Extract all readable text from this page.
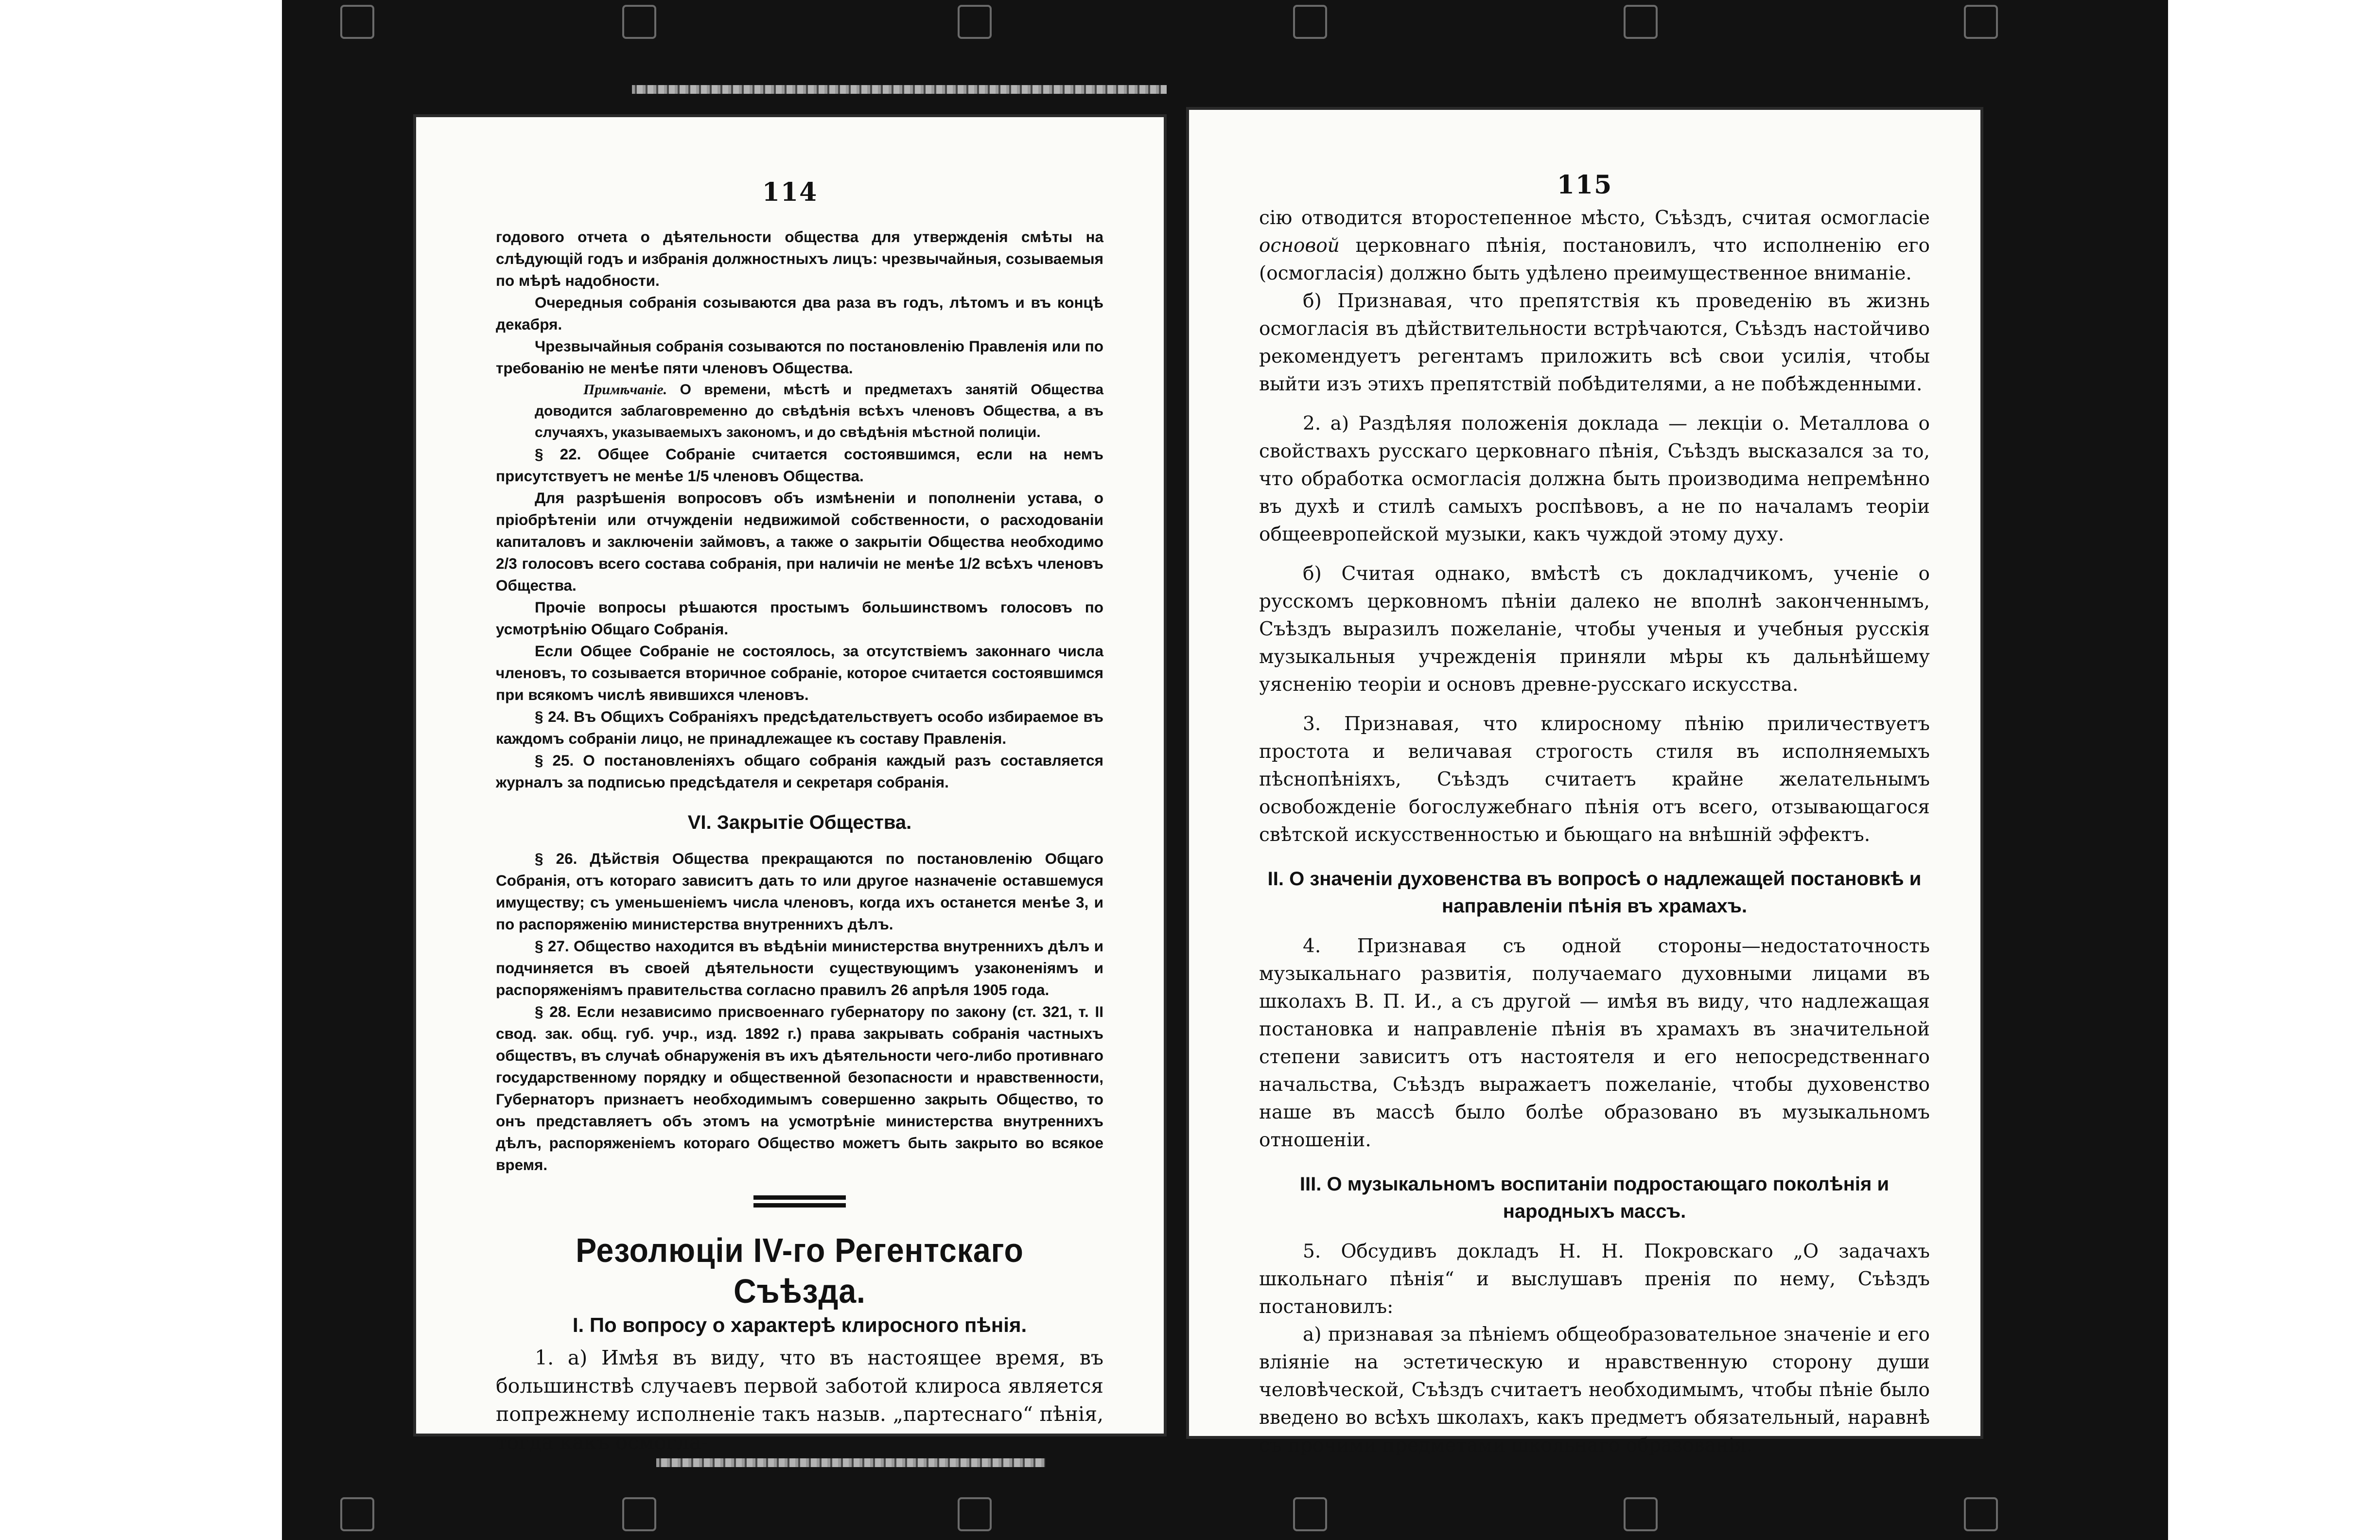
114

годового отчета о дѣятельности общества для утвержденія смѣты на слѣдующій годъ и избранія должностныхъ лицъ: чрезвычайныя, созываемыя по мѣрѣ надобности.

Очередныя собранія созываются два раза въ годъ, лѣтомъ и въ концѣ декабря.

Чрезвычайныя собранія созываются по постановленію Правленія или по требованію не менѣе пяти членовъ Общества.

Примѣчаніе. О времени, мѣстѣ и предметахъ занятій Общества доводится заблаговременно до свѣдѣнія всѣхъ членовъ Общества, а въ случаяхъ, указываемыхъ закономъ, и до свѣдѣнія мѣстной полиціи.

§ 22. Общее Собраніе считается состоявшимся, если на немъ присутствуетъ не менѣе 1/5 членовъ Общества.

Для разрѣшенія вопросовъ объ измѣненіи и пополненіи устава, о пріобрѣтеніи или отчужденіи недвижимой собственности, о расходованіи капиталовъ и заключеніи займовъ, а также о закрытіи Общества необходимо 2/3 голосовъ всего состава собранія, при наличіи не менѣе 1/2 всѣхъ членовъ Общества.

Прочіе вопросы рѣшаются простымъ большинствомъ голосовъ по усмотрѣнію Общаго Собранія.

Если Общее Собраніе не состоялось, за отсутствіемъ законнаго числа членовъ, то созывается вторичное собраніе, которое считается состоявшимся при всякомъ числѣ явившихся членовъ.

§ 24. Въ Общихъ Собраніяхъ предсѣдательствуетъ особо избираемое въ каждомъ собраніи лицо, не принадлежащее къ составу Правленія.

§ 25. О постановленіяхъ общаго собранія каждый разъ составляется журналъ за подписью предсѣдателя и секретаря собранія.

VI. Закрытіе Общества.

§ 26. Дѣйствія Общества прекращаются по постановленію Общаго Собранія, отъ котораго зависитъ дать то или другое назначеніе оставшемуся имуществу; съ уменьшеніемъ числа членовъ, когда ихъ останется менѣе 3, и по распоряженію министерства внутреннихъ дѣлъ.

§ 27. Общество находится въ вѣдѣніи министерства внутреннихъ дѣлъ и подчиняется въ своей дѣятельности существующимъ узаконеніямъ и распоряженіямъ правительства согласно правилъ 26 апрѣля 1905 года.

§ 28. Если независимо присвоеннаго губернатору по закону (ст. 321, т. II свод. зак. общ. губ. учр., изд. 1892 г.) права закрывать собранія частныхъ обществъ, въ случаѣ обнаруженія въ ихъ дѣятельности чего-либо противнаго государственному порядку и общественной безопасности и нравственности, Губернаторъ признаетъ необходимымъ совершенно закрыть Общество, то онъ представляетъ объ этомъ на усмотрѣніе министерства внутреннихъ дѣлъ, распоряженіемъ котораго Общество можетъ быть закрыто во всякое время.

Резолюціи IV-го Регентскаго Съѣзда.
I. По вопросу о характерѣ клиросного пѣнія.

1. а) Имѣя въ виду, что въ настоящее время, въ большинствѣ случаевъ первой заботой клироса является попрежнему исполненіе такъ назыв. „партеснаго“ пѣнія, тогда какъ осмогла-

115

сію отводится второстепенное мѣсто, Съѣздъ, считая осмогласіе основой церковнаго пѣнія, постановилъ, что исполненію его (осмогласія) должно быть удѣлено преимущественное вниманіе.

б) Признавая, что препятствія къ проведенію въ жизнь осмогласія въ дѣйствительности встрѣчаются, Съѣздъ настойчиво рекомендуетъ регентамъ приложить всѣ свои усилія, чтобы выйти изъ этихъ препятствій побѣдителями, а не побѣжденными.

2. а) Раздѣляя положенія доклада — лекціи о. Металлова о свойствахъ русскаго церковнаго пѣнія, Съѣздъ высказался за то, что обработка осмогласія должна быть производима непремѣнно въ духѣ и стилѣ самыхъ роспѣвовъ, а не по началамъ теоріи общеевропейской музыки, какъ чуждой этому духу.

б) Считая однако, вмѣстѣ съ докладчикомъ, ученіе о русскомъ церковномъ пѣніи далеко не вполнѣ законченнымъ, Съѣздъ выразилъ пожеланіе, чтобы ученыя и учебныя русскія музыкальныя учрежденія приняли мѣры къ дальнѣйшему уясненію теоріи и основъ древне-русскаго искусства.

3. Признавая, что клиросному пѣнію приличествуетъ простота и величавая строгость стиля въ исполняемыхъ пѣснопѣніяхъ, Съѣздъ считаетъ крайне желательнымъ освобожденіе богослужебнаго пѣнія отъ всего, отзывающагося свѣтской искусственностью и бьющаго на внѣшній эффектъ.

II. О значеніи духовенства въ вопросѣ о надлежащей постановкѣ и направленіи пѣнія въ храмахъ.

4. Признавая съ одной стороны—недостаточность музыкальнаго развитія, получаемаго духовными лицами въ школахъ В. П. И., а съ другой — имѣя въ виду, что надлежащая постановка и направленіе пѣнія въ храмахъ въ значительной степени зависитъ отъ настоятеля и его непосредственнаго начальства, Съѣздъ выражаетъ пожеланіе, чтобы духовенство наше въ массѣ было болѣе образовано въ музыкальномъ отношеніи.

III. О музыкальномъ воспитаніи подростающаго поколѣнія и народныхъ массъ.

5. Обсудивъ докладъ Н. Н. Покровскаго „О задачахъ школьнаго пѣнія“ и выслушавъ пренія по нему, Съѣздъ постановилъ:

а) признавая за пѣніемъ общеобразовательное значеніе и его вліяніе на эстетическую и нравственную сторону души человѣческой, Съѣздъ считаетъ необходимымъ, чтобы пѣніе было введено во всѣхъ школахъ, какъ предметъ обязательный, наравнѣ съ прочими предметами школьнаго образованія.
